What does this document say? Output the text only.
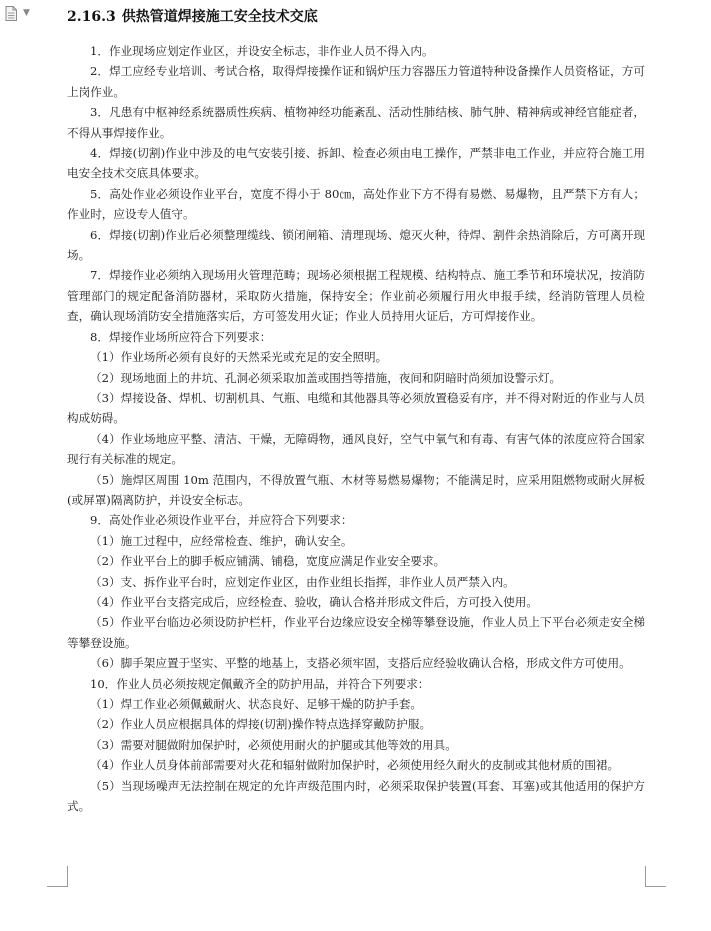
▼	2.16.3 供热管道焊接施工安全技术交底

1．作业现场应划定作业区，并设安全标志，非作业人员不得入内。

2．焊工应经专业培训、考试合格，取得焊接操作证和锅炉压力容器压力管道特种设备操作人员资格证，方可上岗作业。

3．凡患有中枢神经系统器质性疾病、植物神经功能紊乱、活动性肺结核、肺气肿、精神病或神经官能症者，不得从事焊接作业。

4．焊接(切割)作业中涉及的电气安装引接、拆卸、检查必须由电工操作，严禁非电工作业，并应符合施工用电安全技术交底具体要求。

5．高处作业必须设作业平台，宽度不得小于 80㎝，高处作业下方不得有易燃、易爆物，且严禁下方有人；作业时，应设专人值守。

6．焊接(切割)作业后必须整理缆线、锁闭闸箱、清理现场、熄灭火种，待焊、割件余热消除后，方可离开现场。

7．焊接作业必须纳入现场用火管理范畴；现场必须根据工程规模、结构特点、施工季节和环境状况，按消防管理部门的规定配备消防器材，采取防火措施，保持安全；作业前必须履行用火申报手续，经消防管理人员检查，确认现场消防安全措施落实后，方可签发用火证；作业人员持用火证后，方可焊接作业。

8．焊接作业场所应符合下列要求：

（1）作业场所必须有良好的天然采光或充足的安全照明。

（2）现场地面上的井坑、孔洞必须采取加盖或围挡等措施，夜间和阴暗时尚须加设警示灯。

（3）焊接设备、焊机、切割机具、气瓶、电缆和其他器具等必须放置稳妥有序，并不得对附近的作业与人员构成妨碍。

（4）作业场地应平整、清洁、干燥，无障碍物，通风良好，空气中氧气和有毒、有害气体的浓度应符合国家现行有关标准的规定。

（5）施焊区周围 10m 范围内，不得放置气瓶、木材等易燃易爆物；不能满足时，应采用阻燃物或耐火屏板(或屏罩)隔离防护，并设安全标志。

9．高处作业必须设作业平台，并应符合下列要求：

（1）施工过程中，应经常检查、维护，确认安全。

（2）作业平台上的脚手板应铺满、铺稳，宽度应满足作业安全要求。

（3）支、拆作业平台时，应划定作业区，由作业组长指挥，非作业人员严禁入内。

（4）作业平台支搭完成后，应经检查、验收，确认合格并形成文件后，方可投入使用。

（5）作业平台临边必须设防护栏杆，作业平台边缘应设安全梯等攀登设施，作业人员上下平台必须走安全梯等攀登设施。

（6）脚手架应置于坚实、平整的地基上，支搭必须牢固，支搭后应经验收确认合格，形成文件方可使用。

10．作业人员必须按规定佩戴齐全的防护用品，并符合下列要求：

（1）焊工作业必须佩戴耐火、状态良好、足够干燥的防护手套。

（2）作业人员应根据具体的焊接(切割)操作特点选择穿戴防护服。

（3）需要对腿做附加保护时，必须使用耐火的护腿或其他等效的用具。

（4）作业人员身体前部需要对火花和辐射做附加保护时，必须使用经久耐火的皮制或其他材质的围裙。

（5）当现场噪声无法控制在规定的允许声级范围内时，必须采取保护装置(耳套、耳塞)或其他适用的保护方式。
